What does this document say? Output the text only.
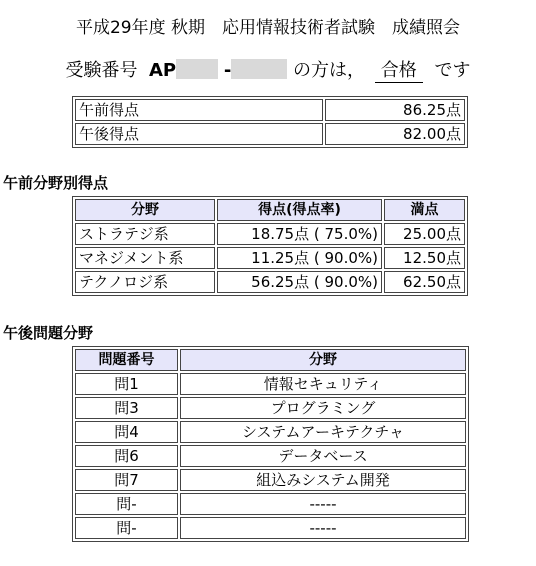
平成29年度 秋期　応用情報技術者試験　成績照会
受験番号 AP	-	の方は， 合格 です
午前得点	86.25点
午後得点	82.00点
午前分野別得点
分野	得点(得点率)	満点
ストラテジ系	18.75点 ( 75.0%)	25.00点
マネジメント系	11.25点 ( 90.0%)	12.50点
テクノロジ系	56.25点 ( 90.0%)	62.50点
午後問題分野
問題番号	分野
問1	情報セキュリティ
問3	プログラミング
問4	システムアーキテクチャ
問6	データベース
問7	組込みシステム開発
問-	-----
問-	-----
